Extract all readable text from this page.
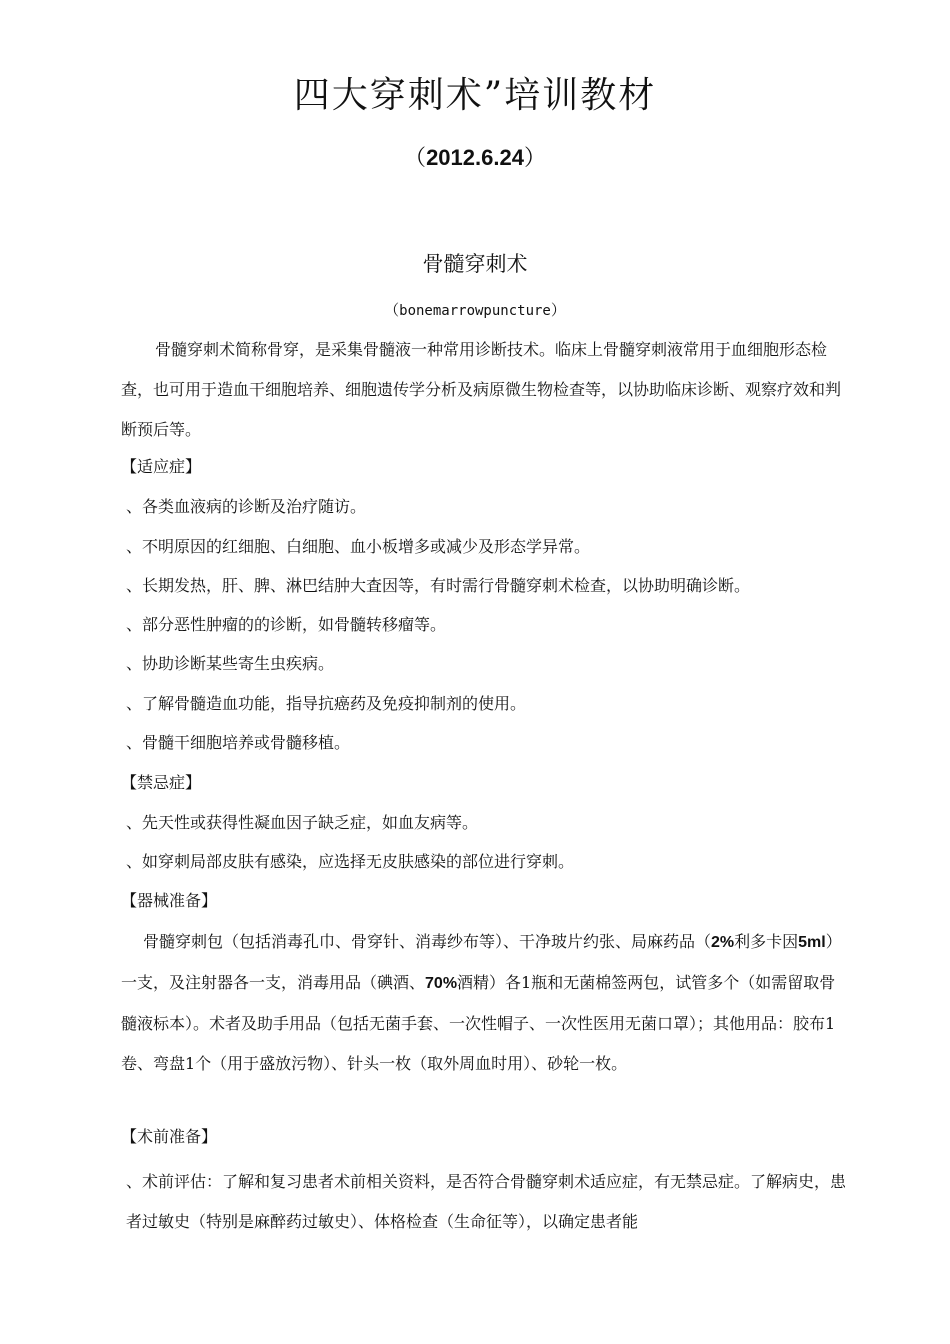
四大穿刺术”培训教材
（2012.6.24）
骨髓穿刺术
（bonemarrowpuncture）

骨髓穿刺术简称骨穿，是采集骨髓液一种常用诊断技术。临床上骨髓穿刺液常用于血细胞形态检查，也可用于造血干细胞培养、细胞遗传学分析及病原微生物检查等，以协助临床诊断、观察疗效和判断预后等。

【适应症】
、各类血液病的诊断及治疗随访。
、不明原因的红细胞、白细胞、血小板增多或减少及形态学异常。
、长期发热，肝、脾、淋巴结肿大査因等，有时需行骨髓穿刺术检查，以协助明确诊断。
、部分恶性肿瘤的的诊断，如骨髓转移瘤等。
、协助诊断某些寄生虫疾病。
、了解骨髓造血功能，指导抗癌药及免疫抑制剂的使用。
、骨髓干细胞培养或骨髓移植。
【禁忌症】
、先天性或获得性凝血因子缺乏症，如血友病等。
、如穿刺局部皮肤有感染，应选择无皮肤感染的部位进行穿刺。
【器械准备】

骨髓穿刺包（包括消毒孔巾、骨穿针、消毒纱布等）、干净玻片约张、局麻药品（2%利多卡因5ml）一支，及注射器各一支，消毒用品（碘酒、70%酒精）各1瓶和无菌棉签两包，试管多个（如需留取骨髓液标本）。术者及助手用品（包括无菌手套、一次性帽子、一次性医用无菌口罩）；其他用品：胶布1卷、弯盘1个（用于盛放污物）、针头一枚（取外周血时用）、砂轮一枚。

【术前准备】

、术前评估：了解和复习患者术前相关资料，是否符合骨髓穿刺术适应症，有无禁忌症。了解病史，患者过敏史（特别是麻醉药过敏史）、体格检查（生命征等），以确定患者能
